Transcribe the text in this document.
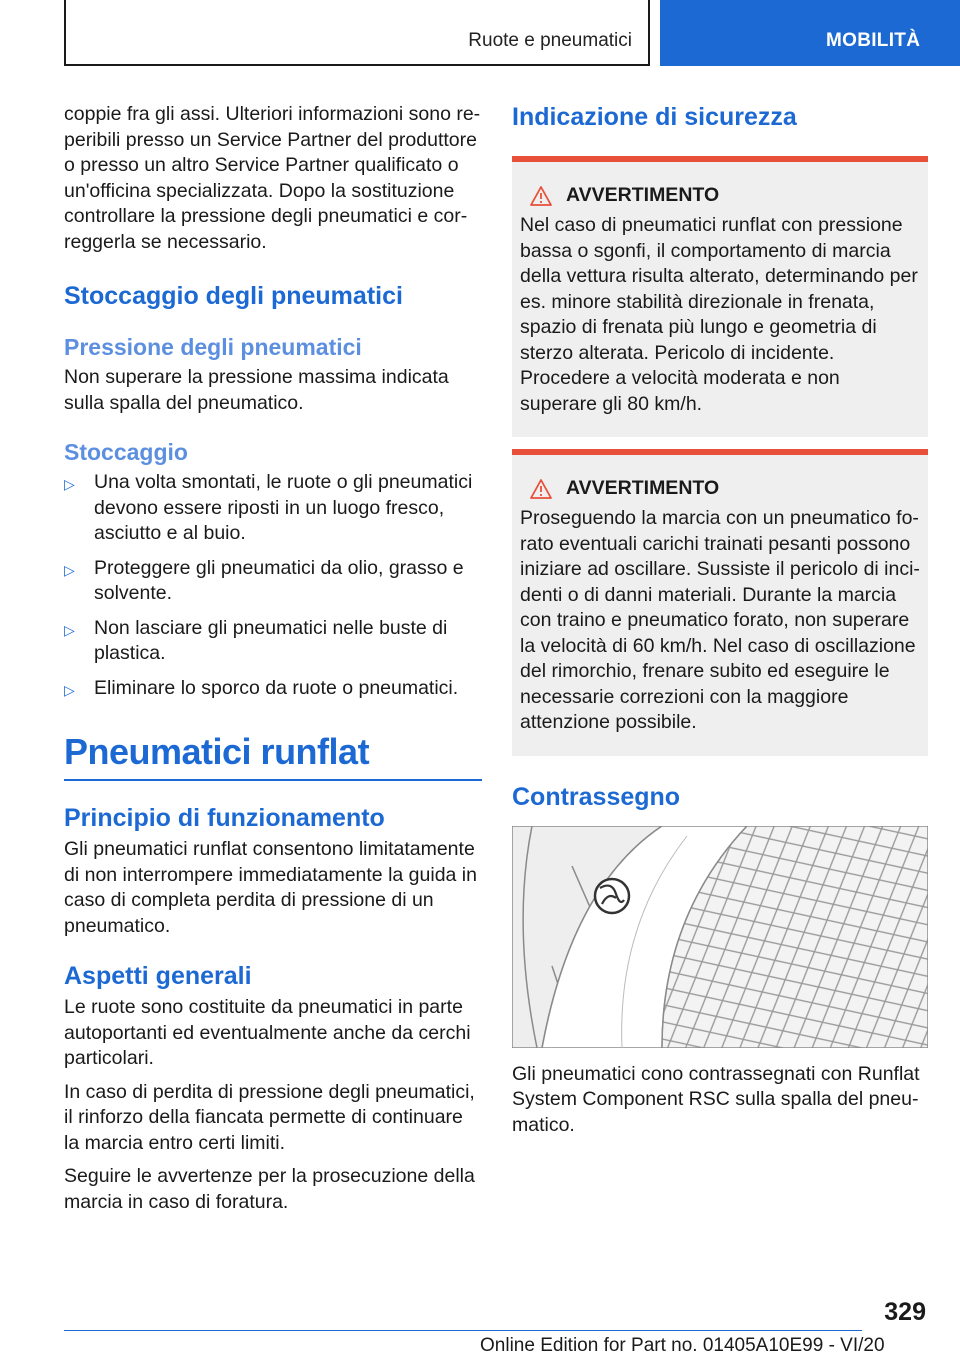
Ruote e pneumatici	MOBILITÀ

coppie fra gli assi. Ulteriori informazioni sono reperibili presso un Service Partner del produttore o presso un altro Service Partner qualificato o un'officina specializzata. Dopo la sostituzione controllare la pressione degli pneumatici e correggerla se necessario.

Stoccaggio degli pneumatici
Pressione degli pneumatici

Non superare la pressione massima indicata sulla spalla del pneumatico.

Stoccaggio
▷ Una volta smontati, le ruote o gli pneumatici devono essere riposti in un luogo fresco, asciutto e al buio.
▷ Proteggere gli pneumatici da olio, grasso e solvente.
▷ Non lasciare gli pneumatici nelle buste di plastica.
▷ Eliminare lo sporco da ruote o pneumatici.
Pneumatici runflat
Principio di funzionamento

Gli pneumatici runflat consentono limitatamente di non interrompere immediatamente la guida in caso di completa perdita di pressione di un pneumatico.

Aspetti generali

Le ruote sono costituite da pneumatici in parte autoportanti ed eventualmente anche da cerchi particolari.

In caso di perdita di pressione degli pneumatici, il rinforzo della fiancata permette di continuare la marcia entro certi limiti.

Seguire le avvertenze per la prosecuzione della marcia in caso di foratura.

Indicazione di sicurezza
AVVERTIMENTO

Nel caso di pneumatici runflat con pressione bassa o sgonfi, il comportamento di marcia della vettura risulta alterato, determinando per es. minore stabilità direzionale in frenata, spazio di frenata più lungo e geometria di sterzo alterata. Pericolo di incidente. Procedere a velocità moderata e non superare gli 80 km/h.

AVVERTIMENTO

Proseguendo la marcia con un pneumatico forato eventuali carichi trainati pesanti possono iniziare ad oscillare. Sussiste il pericolo di incidenti o di danni materiali. Durante la marcia con traino e pneumatico forato, non superare la velocità di 60 km/h. Nel caso di oscillazione del rimorchio, frenare subito ed eseguire le necessarie correzioni con la maggiore attenzione possibile.

Contrassegno

Gli pneumatici cono contrassegnati con Runflat System Component RSC sulla spalla del pneumatico.

329
Online Edition for Part no. 01405A10E99 - VI/20
